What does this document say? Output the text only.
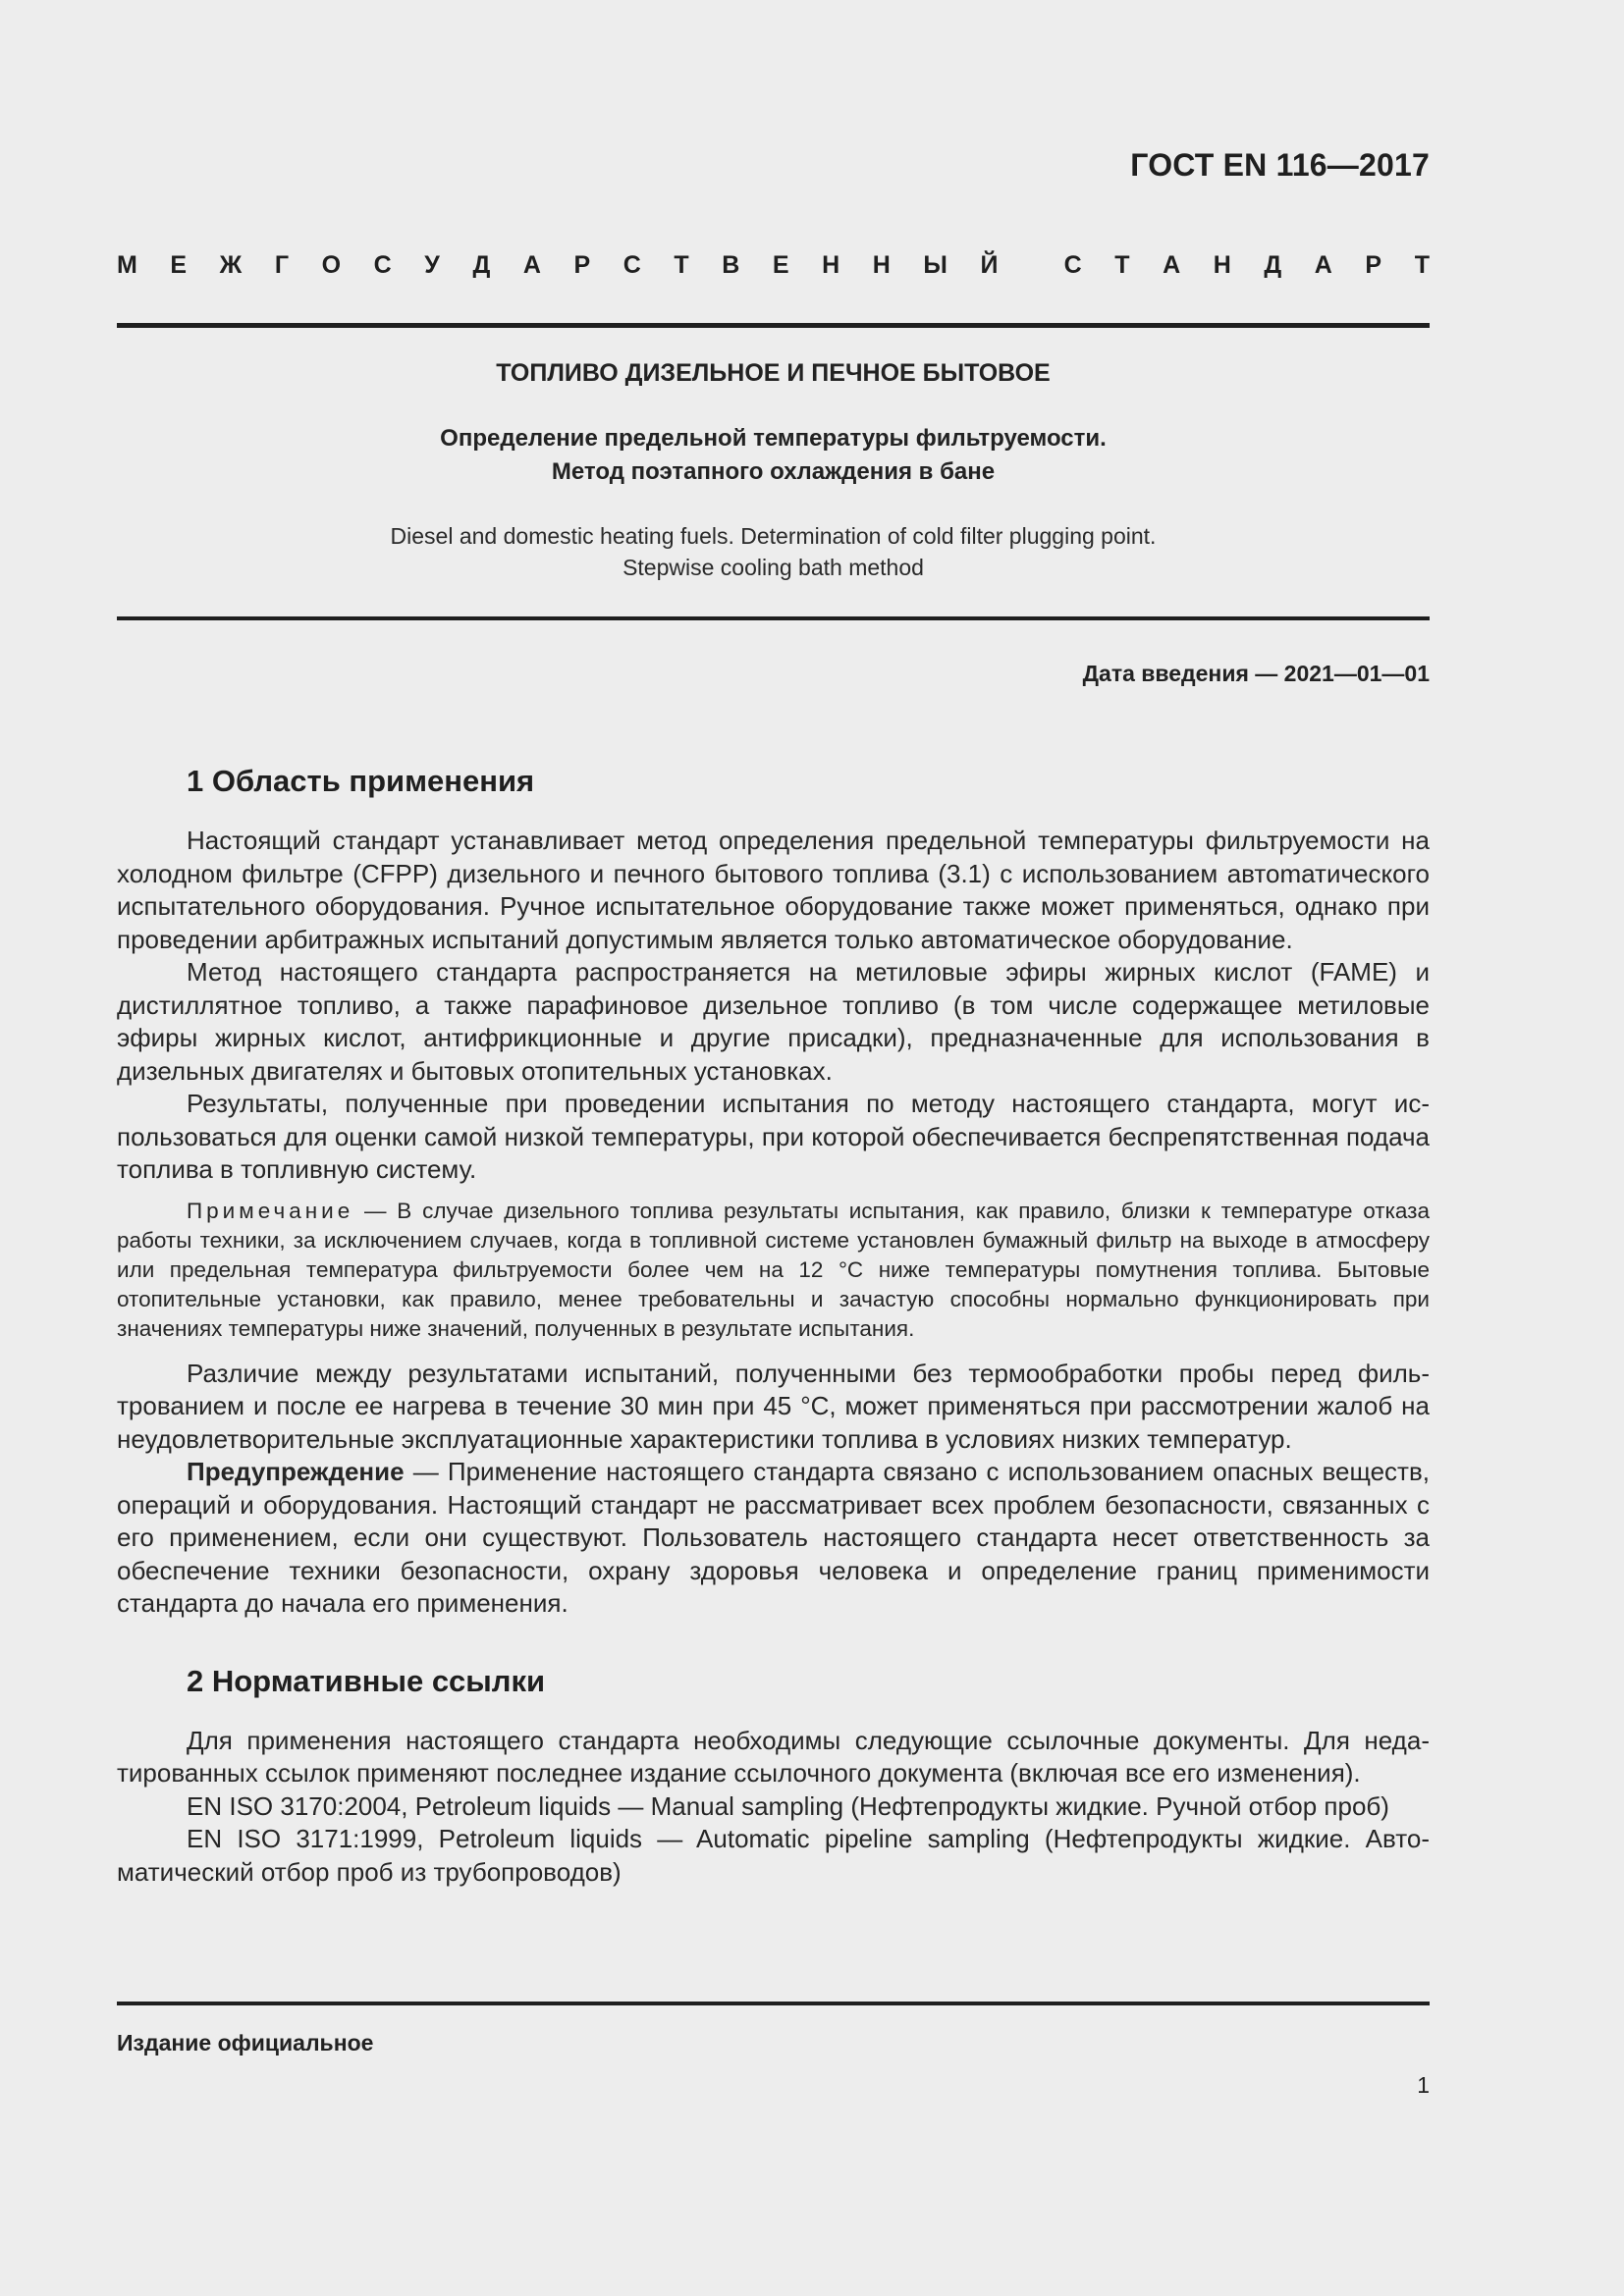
ГОСТ EN 116—2017
М Е Ж Г О С У Д А Р С Т В Е Н Н Ы Й	С Т А Н Д А Р Т
ТОПЛИВО ДИЗЕЛЬНОЕ И ПЕЧНОЕ БЫТОВОЕ
Определение предельной температуры фильтруемости.
Метод поэтапного охлаждения в бане
Diesel and domestic heating fuels. Determination of cold filter plugging point.
Stepwise cooling bath method
Дата введения — 2021—01—01
1 Область применения

Настоящий стандарт устанавливает метод определения предельной температуры фильтруемости на холодном фильтре (CFPP) дизельного и печного бытового топлива (3.1) с использованием автоmатического испытательного оборудования. Ручное испытательное оборудование также может применяться, однако при проведении арбитражных испытаний допустимым является только автоматическое оборудование.

Метод настоящего стандарта распространяется на метиловые эфиры жирных кислот (FAME) и дистиллятное топливо, а также парафиновое дизельное топливо (в том числе содержащее метиловые эфиры жирных кислот, антифрикционные и другие присадки), предназначенные для использования в дизельных двигателях и бытовых отопительных установках.

Результаты, полученные при проведении испытания по методу настоящего стандарта, могут использоваться для оценки самой низкой температуры, при которой обеспечивается беспрепятственная подача топлива в топливную систему.

Примечание — В случае дизельного топлива результаты испытания, как правило, близки к температуре отказа работы техники, за исключением случаев, когда в топливной системе установлен бумажный фильтр на выходе в атмосферу или предельная температура фильтруемости более чем на 12 °С ниже температуры помутнения топлива. Бытовые отопительные установки, как правило, менее требовательны и зачастую способны нормально функционировать при значениях температуры ниже значений, полученных в результате испытания.

Различие между результатами испытаний, полученными без термообработки пробы перед фильтрованием и после ее нагрева в течение 30 мин при 45 °С, может применяться при рассмотрении жалоб на неудовлетворительные эксплуатационные характеристики топлива в условиях низких температур.

Предупреждение — Применение настоящего стандарта связано с использованием опасных веществ, операций и оборудования. Настоящий стандарт не рассматривает всех проблем безопасности, связанных с его применением, если они существуют. Пользователь настоящего стандарта несет ответственность за обеспечение техники безопасности, охрану здоровья человека и определение границ применимости стандарта до начала его применения.

2 Нормативные ссылки

Для применения настоящего стандарта необходимы следующие ссылочные документы. Для недатированных ссылок применяют последнее издание ссылочного документа (включая все его изменения).

EN ISO 3170:2004, Petroleum liquids — Manual sampling (Нефтепродукты жидкие. Ручной отбор проб)

EN ISO 3171:1999, Petroleum liquids — Automatic pipeline sampling (Нефтепродукты жидкие. Автоматический отбор проб из трубопроводов)

Издание официальное
1
